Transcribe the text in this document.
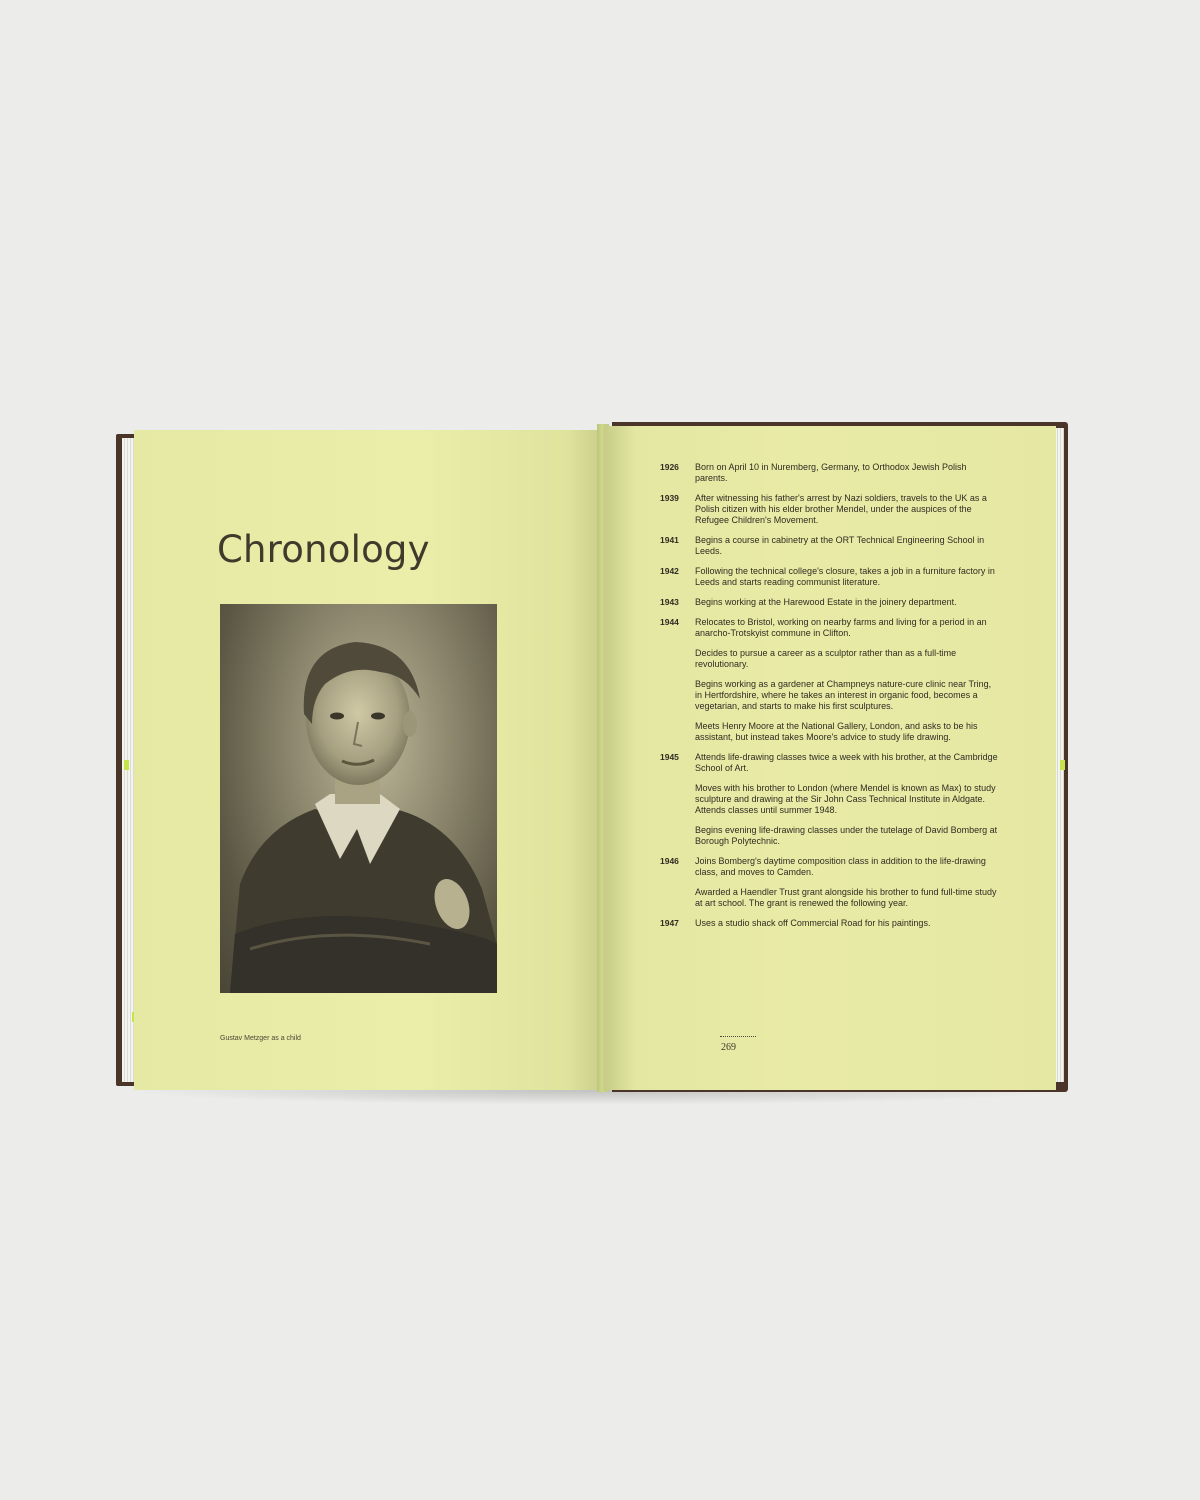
Chronology
Gustav Metzger as a child
1926	Born on April 10 in Nuremberg, Germany, to Orthodox Jewish Polish parents.
1939	After witnessing his father's arrest by Nazi soldiers, travels to the UK as a Polish citizen with his elder brother Mendel, under the auspices of the Refugee Children's Movement.
1941	Begins a course in cabinetry at the ORT Technical Engineering School in Leeds.
1942	Following the technical college's closure, takes a job in a furniture factory in Leeds and starts reading communist literature.
1943	Begins working at the Harewood Estate in the joinery department.
1944	Relocates to Bristol, working on nearby farms and living for a period in an anarcho-Trotskyist commune in Clifton.
Decides to pursue a career as a sculptor rather than as a full-time revolutionary.
Begins working as a gardener at Champneys nature-cure clinic near Tring, in Hertfordshire, where he takes an interest in organic food, becomes a vegetarian, and starts to make his first sculptures.
Meets Henry Moore at the National Gallery, London, and asks to be his assistant, but instead takes Moore's advice to study life drawing.
1945	Attends life-drawing classes twice a week with his brother, at the Cambridge School of Art.
Moves with his brother to London (where Mendel is known as Max) to study sculpture and drawing at the Sir John Cass Technical Institute in Aldgate. Attends classes until summer 1948.
Begins evening life-drawing classes under the tutelage of David Bomberg at Borough Polytechnic.
1946	Joins Bomberg's daytime composition class in addition to the life-drawing class, and moves to Camden.
Awarded a Haendler Trust grant alongside his brother to fund full-time study at art school. The grant is renewed the following year.
1947	Uses a studio shack off Commercial Road for his paintings.
269
